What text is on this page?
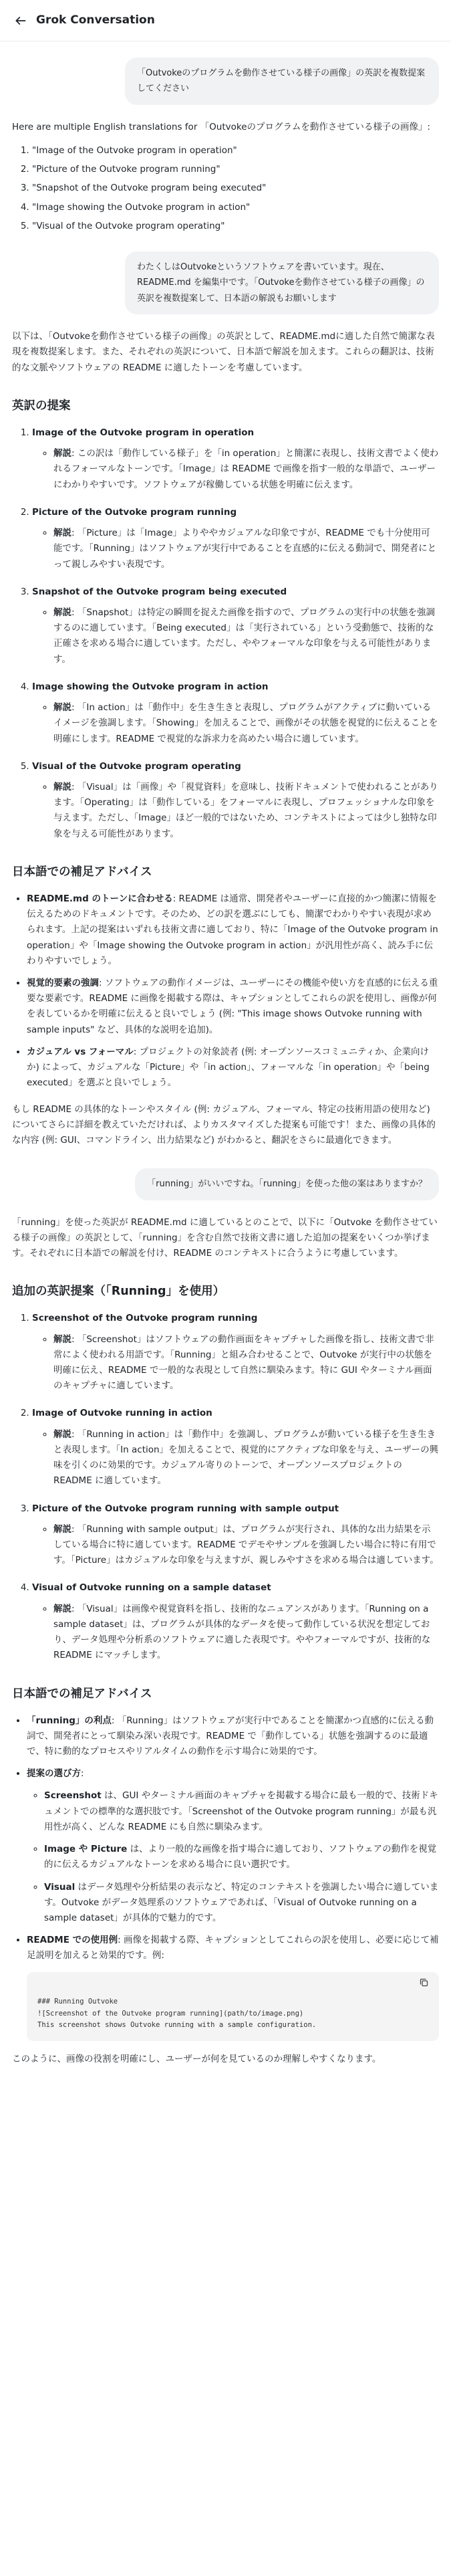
Grok Conversation
「Outvokeのプログラムを動作させている様子の画像」の英訳を複数提案してください

Here are multiple English translations for 「Outvokeのプログラムを動作させている様子の画像」:

1. "Image of the Outvoke program in operation"
2. "Picture of the Outvoke program running"
3. "Snapshot of the Outvoke program being executed"
4. "Image showing the Outvoke program in action"
5. "Visual of the Outvoke program operating"
わたくしはOutvokeというソフトウェアを書いています。現在、README.md を編集中です。「Outvokeを動作させている様子の画像」の英訳を複数提案して、日本語の解説もお願いします

以下は、「Outvokeを動作させている様子の画像」の英訳として、README.mdに適した自然で簡潔な表現を複数提案します。また、それぞれの英訳について、日本語で解説を加えます。これらの翻訳は、技術的な文脈やソフトウェアの README に適したトーンを考慮しています。

英訳の提案
1. Image of the Outvoke program in operation
◦ 解説: この訳は「動作している様子」を「in operation」と簡潔に表現し、技術文書でよく使われるフォーマルなトーンです。「Image」は README で画像を指す一般的な単語で、ユーザーにわかりやすいです。ソフトウェアが稼働している状態を明確に伝えます。
2. Picture of the Outvoke program running
◦ 解説: 「Picture」は「Image」よりややカジュアルな印象ですが、README でも十分使用可能です。「Running」はソフトウェアが実行中であることを直感的に伝える動詞で、開発者にとって親しみやすい表現です。
3. Snapshot of the Outvoke program being executed
◦ 解説: 「Snapshot」は特定の瞬間を捉えた画像を指すので、プログラムの実行中の状態を強調するのに適しています。「Being executed」は「実行されている」という受動態で、技術的な正確さを求める場合に適しています。ただし、ややフォーマルな印象を与える可能性があります。
4. Image showing the Outvoke program in action
◦ 解説: 「In action」は「動作中」を生き生きと表現し、プログラムがアクティブに動いているイメージを強調します。「Showing」を加えることで、画像がその状態を視覚的に伝えることを明確にします。README で視覚的な訴求力を高めたい場合に適しています。
5. Visual of the Outvoke program operating
◦ 解説: 「Visual」は「画像」や「視覚資料」を意味し、技術ドキュメントで使われることがあります。「Operating」は「動作している」をフォーマルに表現し、プロフェッショナルな印象を与えます。ただし、「Image」ほど一般的ではないため、コンテキストによっては少し独特な印象を与える可能性があります。
日本語での補足アドバイス
• README.md のトーンに合わせる: README は通常、開発者やユーザーに直接的かつ簡潔に情報を伝えるためのドキュメントです。そのため、どの訳を選ぶにしても、簡潔でわかりやすい表現が求められます。上記の提案はいずれも技術文書に適しており、特に「Image of the Outvoke program in operation」や「Image showing the Outvoke program in action」が汎用性が高く、読み手に伝わりやすいでしょう。
• 視覚的要素の強調: ソフトウェアの動作イメージは、ユーザーにその機能や使い方を直感的に伝える重要な要素です。README に画像を掲載する際は、キャプションとしてこれらの訳を使用し、画像が何を表しているかを明確に伝えると良いでしょう (例: "This image shows Outvoke running with sample inputs" など、具体的な説明を追加)。
• カジュアル vs フォーマル: プロジェクトの対象読者 (例: オープンソースコミュニティか、企業向けか) によって、カジュアルな「Picture」や「in action」、フォーマルな「in operation」や「being executed」を選ぶと良いでしょう。

もし README の具体的なトーンやスタイル (例: カジュアル、フォーマル、特定の技術用語の使用など) についてさらに詳細を教えていただければ、よりカスタマイズした提案も可能です！また、画像の具体的な内容 (例: GUI、コマンドライン、出力結果など) がわかると、翻訳をさらに最適化できます。

「running」がいいですね。「running」を使った他の案はありますか？

「running」を使った英訳が README.md に適しているとのことで、以下に「Outvoke を動作させている様子の画像」の英訳として、「running」を含む自然で技術文書に適した追加の提案をいくつか挙げます。それぞれに日本語での解説を付け、README のコンテキストに合うように考慮しています。

追加の英訳提案（「Running」を使用）
1. Screenshot of the Outvoke program running
◦ 解説: 「Screenshot」はソフトウェアの動作画面をキャプチャした画像を指し、技術文書で非常によく使われる用語です。「Running」と組み合わせることで、Outvoke が実行中の状態を明確に伝え、README で一般的な表現として自然に馴染みます。特に GUI やターミナル画面のキャプチャに適しています。
2. Image of Outvoke running in action
◦ 解説: 「Running in action」は「動作中」を強調し、プログラムが動いている様子を生き生きと表現します。「In action」を加えることで、視覚的にアクティブな印象を与え、ユーザーの興味を引くのに効果的です。カジュアル寄りのトーンで、オープンソースプロジェクトの README に適しています。
3. Picture of the Outvoke program running with sample output
◦ 解説: 「Running with sample output」は、プログラムが実行され、具体的な出力結果を示している場合に特に適しています。README でデモやサンプルを強調したい場合に特に有用です。「Picture」はカジュアルな印象を与えますが、親しみやすさを求める場合は適しています。
4. Visual of Outvoke running on a sample dataset
◦ 解説: 「Visual」は画像や視覚資料を指し、技術的なニュアンスがあります。「Running on a sample dataset」は、プログラムが具体的なデータを使って動作している状況を想定しており、データ処理や分析系のソフトウェアに適した表現です。ややフォーマルですが、技術的な README にマッチします。
日本語での補足アドバイス
• 「running」の利点: 「Running」はソフトウェアが実行中であることを簡潔かつ直感的に伝える動詞で、開発者にとって馴染み深い表現です。README で「動作している」状態を強調するのに最適で、特に動的なプロセスやリアルタイムの動作を示す場合に効果的です。
• 提案の選び方:
◦ Screenshot は、GUI やターミナル画面のキャプチャを掲載する場合に最も一般的で、技術ドキュメントでの標準的な選択肢です。「Screenshot of the Outvoke program running」が最も汎用性が高く、どんな README にも自然に馴染みます。
◦ Image や Picture は、より一般的な画像を指す場合に適しており、ソフトウェアの動作を視覚的に伝えるカジュアルなトーンを求める場合に良い選択です。
◦ Visual はデータ処理や分析結果の表示など、特定のコンテキストを強調したい場合に適しています。Outvoke がデータ処理系のソフトウェアであれば、「Visual of Outvoke running on a sample dataset」が具体的で魅力的です。
• README での使用例: 画像を掲載する際、キャプションとしてこれらの訳を使用し、必要に応じて補足説明を加えると効果的です。例:
### Running Outvoke
![Screenshot of the Outvoke program running](path/to/image.png)
This screenshot shows Outvoke running with a sample configuration.

このように、画像の役割を明確にし、ユーザーが何を見ているのか理解しやすくなります。
